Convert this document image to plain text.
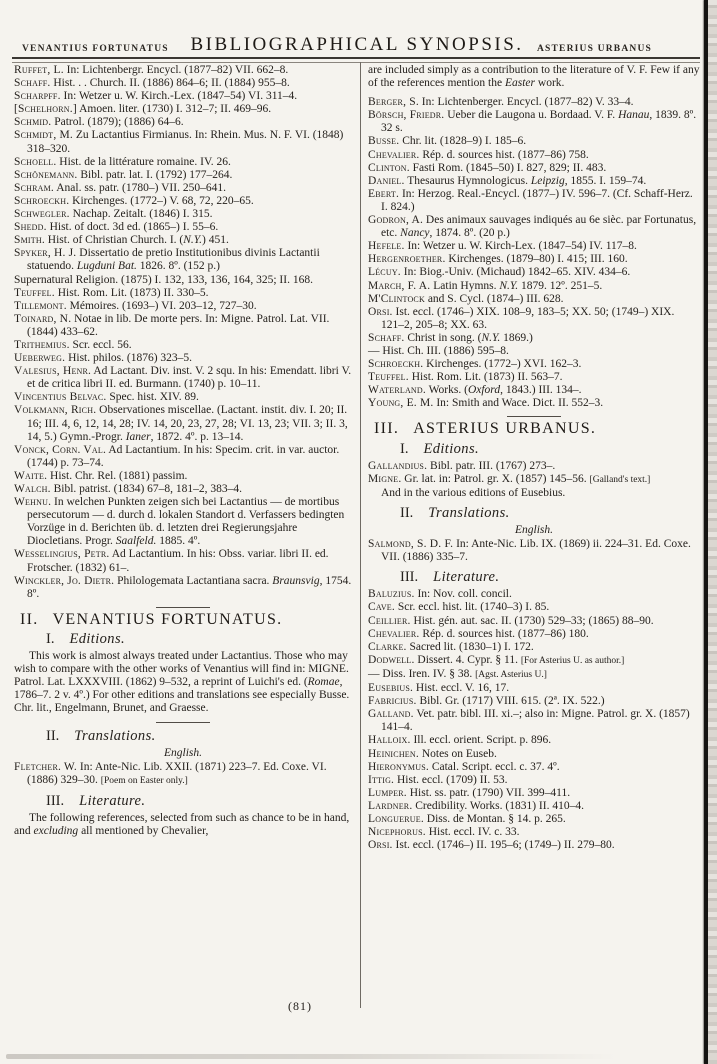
VENANTIUS FORTUNATUS	BIBLIOGRAPHICAL SYNOPSIS.	ASTERIUS URBANUS

Ruffet, L. In: Lichtenbergr. Encycl. (1877–82) VII. 662–8.

Schaff. Hist. . . Church. II. (1886) 864–6; II. (1884) 955–8.

Scharpff. In: Wetzer u. W. Kirch.-Lex. (1847–54) VI. 311–4.

[Schelhorn.] Amoen. liter. (1730) I. 312–7; II. 469–96.

Schmid. Patrol. (1879); (1886) 64–6.

Schmidt, M. Zu Lactantius Firmianus. In: Rhein. Mus. N. F. VI. (1848) 318–320.

Schoell. Hist. de la littérature romaine. IV. 26.

Schönemann. Bibl. patr. lat. I. (1792) 177–264.

Schram. Anal. ss. patr. (1780–) VII. 250–641.

Schroeckh. Kirchenges. (1772–) V. 68, 72, 220–65.

Schwegler. Nachap. Zeitalt. (1846) I. 315.

Shedd. Hist. of doct. 3d ed. (1865–) I. 55–6.

Smith. Hist. of Christian Church. I. (N.Y.) 451.

Spyker, H. J. Dissertatio de pretio Institutionibus divinis Lactantii statuendo. Lugduni Bat. 1826. 8º. (152 p.)

Supernatural Religion. (1875) I. 132, 133, 136, 164, 325; II. 168.

Teuffel. Hist. Rom. Lit. (1873) II. 330–5.

Tillemont. Mémoires. (1693–) VI. 203–12, 727–30.

Toinard, N. Notae in lib. De morte pers. In: Migne. Patrol. Lat. VII. (1844) 433–62.

Trithemius. Scr. eccl. 56.

Ueberweg. Hist. philos. (1876) 323–5.

Valesius, Henr. Ad Lactant. Div. inst. V. 2 squ. In his: Emendatt. libri V. et de critica libri II. ed. Burmann. (1740) p. 10–11.

Vincentius Belvac. Spec. hist. XIV. 89.

Volkmann, Rich. Observationes miscellae. (Lactant. instit. div. I. 20; II. 16; III. 4, 6, 12, 14, 28; IV. 14, 20, 23, 27, 28; VI. 13, 23; VII. 3; II. 3, 14, 5.) Gymn.-Progr. Ianer, 1872. 4º. p. 13–14.

Vonck, Corn. Val. Ad Lactantium. In his: Specim. crit. in var. auctor. (1744) p. 73–74.

Waite. Hist. Chr. Rel. (1881) passim.

Walch. Bibl. patrist. (1834) 67–8, 181–2, 383–4.

Wehnu. In welchen Punkten zeigen sich bei Lactantius — de mortibus persecutorum — d. durch d. lokalen Standort d. Verfassers bedingten Vorzüge in d. Berichten üb. d. letzten drei Regierungsjahre Diocletians. Progr. Saalfeld. 1885. 4º.

Wesselingius, Petr. Ad Lactantium. In his: Obss. variar. libri II. ed. Frotscher. (1832) 61–.

Winckler, Jo. Dietr. Philologemata Lactantiana sacra. Braunsvig, 1754. 8º.

II. VENANTIUS FORTUNATUS.
I. Editions.

This work is almost always treated under Lactantius. Those who may wish to compare with the other works of Venantius will find in: MIGNE. Patrol. Lat. LXXXVIII. (1862) 9–532, a reprint of Luichi's ed. (Romae, 1786–7. 2 v. 4º.) For other editions and translations see especially Busse. Chr. lit., Engelmann, Brunet, and Graesse.

II. Translations.
English.

Fletcher. W. In: Ante-Nic. Lib. XXII. (1871) 223–7. Ed. Coxe. VI. (1886) 329–30. [Poem on Easter only.]

III. Literature.

The following references, selected from such as chance to be in hand, and excluding all mentioned by Chevalier,

are included simply as a contribution to the literature of V. F. Few if any of the references mention the Easter work.

Berger, S. In: Lichtenberger. Encycl. (1877–82) V. 33–4.

Börsch, Friedr. Ueber die Laugona u. Bordaad. V. F. Hanau, 1839. 8º. 32 s.

Busse. Chr. lit. (1828–9) I. 185–6.

Chevalier. Rép. d. sources hist. (1877–86) 758.

Clinton. Fasti Rom. (1845–50) I. 827, 829; II. 483.

Daniel. Thesaurus Hymnologicus. Leipzig, 1855. I. 159–74.

Ebert. In: Herzog. Real.-Encycl. (1877–) IV. 596–7. (Cf. Schaff-Herz. I. 824.)

Godron, A. Des animaux sauvages indiqués au 6e sièc. par Fortunatus, etc. Nancy, 1874. 8º. (20 p.)

Hefele. In: Wetzer u. W. Kirch-Lex. (1847–54) IV. 117–8.

Hergenroether. Kirchenges. (1879–80) I. 415; III. 160.

Lécuy. In: Biog.-Univ. (Michaud) 1842–65. XIV. 434–6.

March, F. A. Latin Hymns. N.Y. 1879. 12º. 251–5.

M'Clintock and S. Cycl. (1874–) III. 628.

Orsi. Ist. eccl. (1746–) XIX. 108–9, 183–5; XX. 50; (1749–) XIX. 121–2, 205–8; XX. 63.

Schaff. Christ in song. (N.Y. 1869.)

— Hist. Ch. III. (1886) 595–8.

Schroeckh. Kirchenges. (1772–) XVI. 162–3.

Teuffel. Hist. Rom. Lit. (1873) II. 563–7.

Waterland. Works. (Oxford, 1843.) III. 134–.

Young, E. M. In: Smith and Wace. Dict. II. 552–3.

III. ASTERIUS URBANUS.
I. Editions.

Gallandius. Bibl. patr. III. (1767) 273–.

Migne. Gr. lat. in: Patrol. gr. X. (1857) 145–56. [Galland's text.]

And in the various editions of Eusebius.

II. Translations.
English.

Salmond, S. D. F. In: Ante-Nic. Lib. IX. (1869) ii. 224–31. Ed. Coxe. VII. (1886) 335–7.

III. Literature.

Baluzius. In: Nov. coll. concil.

Cave. Scr. eccl. hist. lit. (1740–3) I. 85.

Ceillier. Hist. gén. aut. sac. II. (1730) 529–33; (1865) 88–90.

Chevalier. Rép. d. sources hist. (1877–86) 180.

Clarke. Sacred lit. (1830–1) I. 172.

Dodwell. Dissert. 4. Cypr. § 11. [For Asterius U. as author.]

— Diss. Iren. IV. § 38. [Agst. Asterius U.]

Eusebius. Hist. eccl. V. 16, 17.

Fabricius. Bibl. Gr. (1717) VIII. 615. (2ª. IX. 522.)

Galland. Vet. patr. bibl. III. xi.–; also in: Migne. Patrol. gr. X. (1857) 141–4.

Halloix. Ill. eccl. orient. Script. p. 896.

Heinichen. Notes on Euseb.

Hieronymus. Catal. Script. eccl. c. 37. 4º.

Ittig. Hist. eccl. (1709) II. 53.

Lumper. Hist. ss. patr. (1790) VII. 399–411.

Lardner. Credibility. Works. (1831) II. 410–4.

Longuerue. Diss. de Montan. § 14. p. 265.

Nicephorus. Hist. eccl. IV. c. 33.

Orsi. Ist. eccl. (1746–) II. 195–6; (1749–) II. 279–80.

(81)
